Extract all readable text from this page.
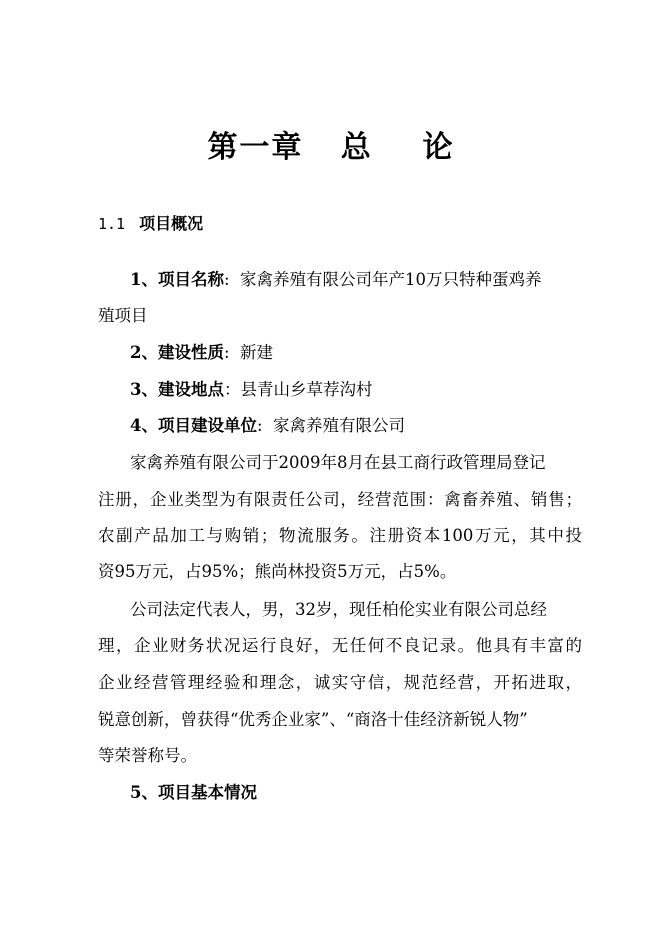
第一章   总    论
1.1 项目概况
1、项目名称: 家禽养殖有限公司年产10万只特种蛋鸡养
殖项目
2、建设性质: 新建
3、建设地点：县青山乡草荐沟村
4、项目建设单位: 家禽养殖有限公司
家禽养殖有限公司于2009年8月在县工商行政管理局登记
注册，企业类型为有限责任公司，经营范围：禽畜养殖、销售；
农副产品加工与购销；物流服务。注册资本100万元，其中投
资95万元，占95%；熊尚林投资5万元，占5%。
公司法定代表人，男，32岁，现任柏伦实业有限公司总经
理，企业财务状况运行良好，无任何不良记录。他具有丰富的
企业经营管理经验和理念，诚实守信，规范经营，开拓进取，
锐意创新，曾获得“优秀企业家”、“商洛十佳经济新锐人物”
等荣誉称号。
5、项目基本情况
